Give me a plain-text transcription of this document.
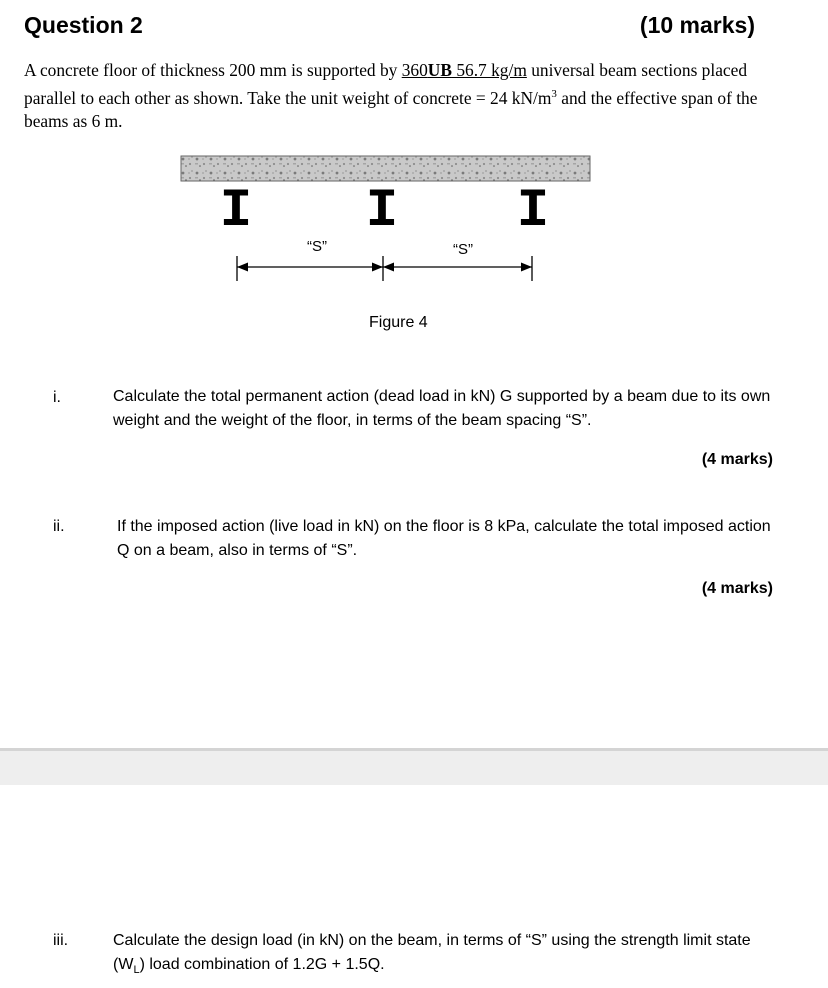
Question 2	(10 marks)
A concrete floor of thickness 200 mm is supported by 360UB 56.7 kg/m universal beam sections placed parallel to each other as shown. Take the unit weight of concrete = 24 $kN/m^3$ and the effective span of the beams as 6 m.
I I I
“S”	“S”
Figure 4
i.	Calculate the total permanent action (dead load in kN) G supported by a beam due to its own weight and the weight of the floor, in terms of the beam spacing “S”.
(4 marks)
ii.	If the imposed action (live load in kN) on the floor is 8 kPa, calculate the total imposed action Q on a beam, also in terms of “S”.
(4 marks)
iii.	Calculate the design load (in kN) on the beam, in terms of “S” using the strength limit state $(W_L)$ load combination of 1.2G + 1.5Q.
